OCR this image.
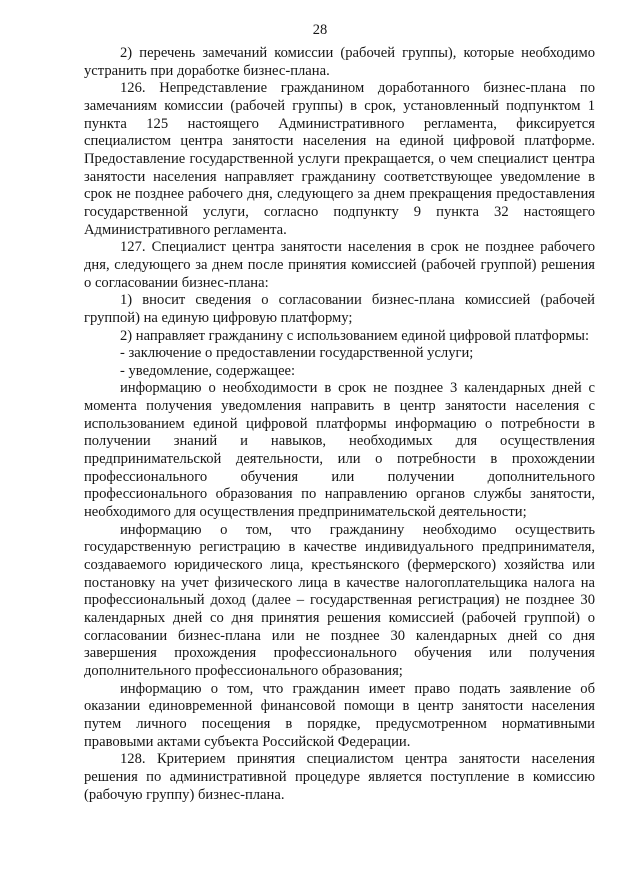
28

2) перечень замечаний комиссии (рабочей группы), которые необходимо устранить при доработке бизнес-плана.

126. Непредставление гражданином доработанного бизнес-плана по замечаниям комиссии (рабочей группы) в срок, установленный подпунктом 1 пункта 125 настоящего Административного регламента, фиксируется специалистом центра занятости населения на единой цифровой платформе. Предоставление государственной услуги прекращается, о чем специалист центра занятости населения направляет гражданину соответствующее уведомление в срок не позднее рабочего дня, следующего за днем прекращения предоставления государственной услуги, согласно подпункту 9 пункта 32 настоящего Административного регламента.

127. Специалист центра занятости населения в срок не позднее рабочего дня, следующего за днем после принятия комиссией (рабочей группой) решения о согласовании бизнес-плана:

1) вносит сведения о согласовании бизнес-плана комиссией (рабочей группой) на единую цифровую платформу;

2) направляет гражданину с использованием единой цифровой платформы:

- заключение о предоставлении государственной услуги;

- уведомление, содержащее:

информацию о необходимости в срок не позднее 3 календарных дней с момента получения уведомления направить в центр занятости населения с использованием единой цифровой платформы информацию о потребности в получении знаний и навыков, необходимых для осуществления предпринимательской деятельности, или о потребности в прохождении профессионального обучения или получении дополнительного профессионального образования по направлению органов службы занятости, необходимого для осуществления предпринимательской деятельности;

информацию о том, что гражданину необходимо осуществить государственную регистрацию в качестве индивидуального предпринимателя, создаваемого юридического лица, крестьянского (фермерского) хозяйства или постановку на учет физического лица в качестве налогоплательщика налога на профессиональный доход (далее – государственная регистрация) не позднее 30 календарных дней со дня принятия решения комиссией (рабочей группой) о согласовании бизнес-плана или не позднее 30 календарных дней со дня завершения прохождения профессионального обучения или получения дополнительного профессионального образования;

информацию о том, что гражданин имеет право подать заявление об оказании единовременной финансовой помощи в центр занятости населения путем личного посещения в порядке, предусмотренном нормативными правовыми актами субъекта Российской Федерации.

128. Критерием принятия специалистом центра занятости населения решения по административной процедуре является поступление в комиссию (рабочую группу) бизнес-плана.
